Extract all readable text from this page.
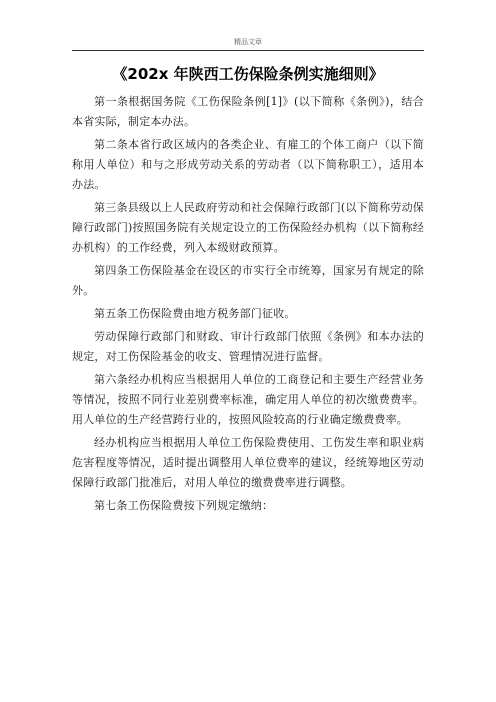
精品文章
《202x 年陕西工伤保险条例实施细则》

第一条根据国务院《工伤保险条例[1]》(以下简称《条例》)，结合本省实际，制定本办法。

第二条本省行政区域内的各类企业、有雇工的个体工商户（以下简称用人单位）和与之形成劳动关系的劳动者（以下简称职工），适用本办法。

第三条县级以上人民政府劳动和社会保障行政部门(以下简称劳动保障行政部门)按照国务院有关规定设立的工伤保险经办机构（以下简称经办机构）的工作经费，列入本级财政预算。

第四条工伤保险基金在设区的市实行全市统筹，国家另有规定的除外。

第五条工伤保险费由地方税务部门征收。

劳动保障行政部门和财政、审计行政部门依照《条例》和本办法的规定，对工伤保险基金的收支、管理情况进行监督。

第六条经办机构应当根据用人单位的工商登记和主要生产经营业务等情况，按照不同行业差别费率标准，确定用人单位的初次缴费费率。用人单位的生产经营跨行业的，按照风险较高的行业确定缴费费率。

经办机构应当根据用人单位工伤保险费使用、工伤发生率和职业病危害程度等情况，适时提出调整用人单位费率的建议，经统筹地区劳动保障行政部门批准后，对用人单位的缴费费率进行调整。

第七条工伤保险费按下列规定缴纳：
